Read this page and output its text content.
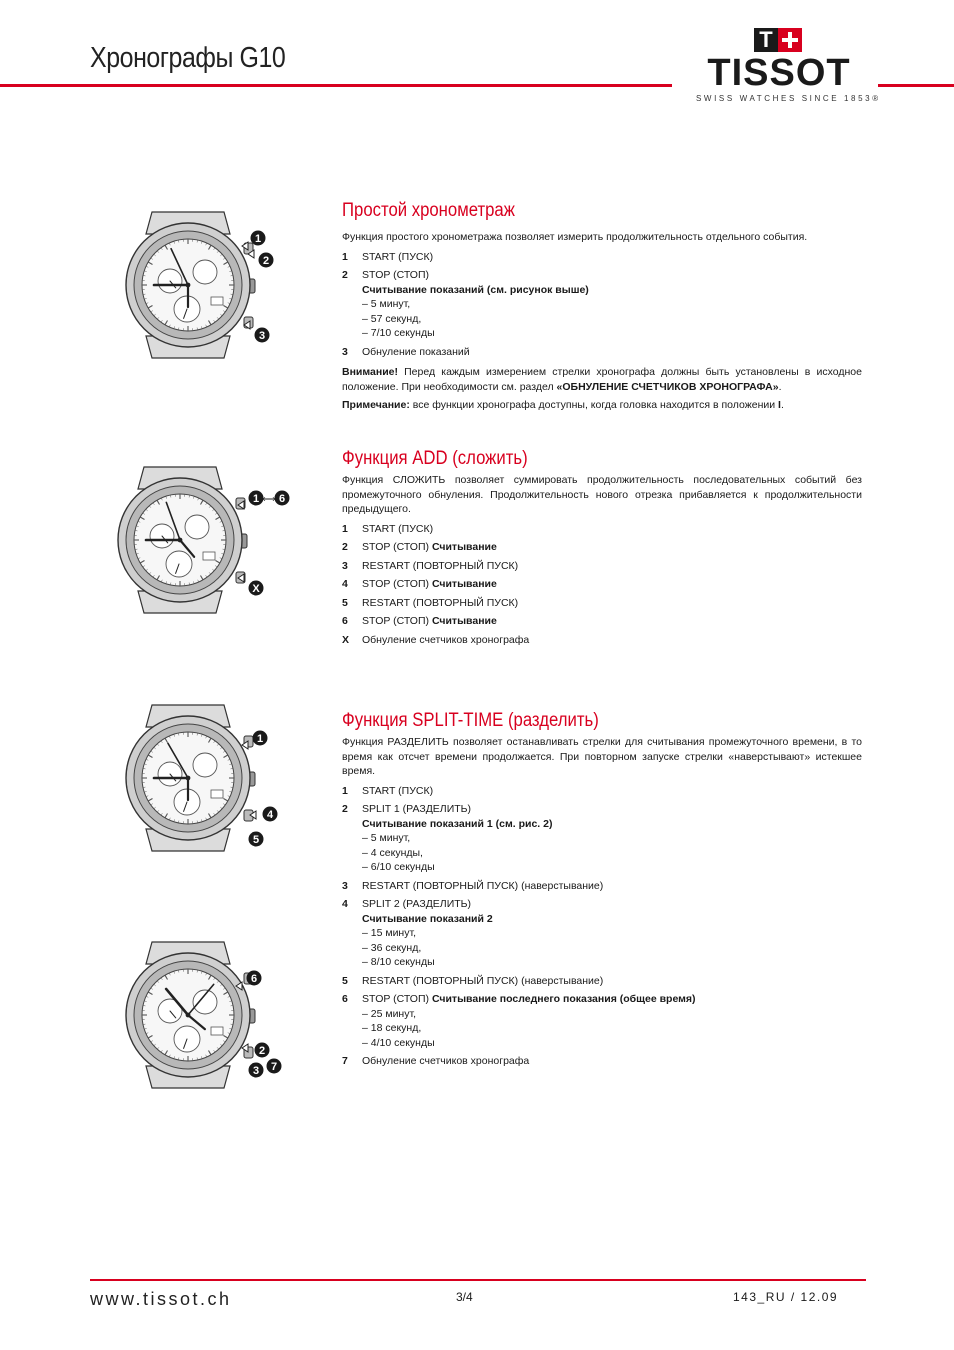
Хронографы G10
T
TISSOT
SWISS WATCHES SINCE 1853®
1
2
3
1 6
X
⟺
1
4
5
6
2
3 7
Простой хронометраж
Функция простого хронометража позволяет измерить продолжительность отдельного события.
1	START (ПУСК)
2	STOP (СТОП)
Считывание показаний (см. рисунок выше)
– 5 минут,
– 57 секунд,
– 7/10 секунды
3	Обнуление показаний
Внимание! Перед каждым измерением стрелки хронографа должны быть установлены в исходное положение. При необходимости см. раздел «ОБНУЛЕНИЕ СЧЕТЧИКОВ ХРОНОГРАФА».
Примечание: все функции хронографа доступны, когда головка находится в положении I.
Функция ADD (сложить)
Функция СЛОЖИТЬ позволяет суммировать продолжительность последовательных событий без промежуточного обнуления. Продолжительность нового отрезка прибавляется к продолжительности предыдущего.
1	START (ПУСК)
2	STOP (СТОП) Считывание
3	RESTART (ПОВТОРНЫЙ ПУСК)
4	STOP (СТОП) Считывание
5	RESTART (ПОВТОРНЫЙ ПУСК)
6	STOP (СТОП) Считывание
X	Обнуление счетчиков хронографа
Функция SPLIT-TIME (разделить)
Функция РАЗДЕЛИТЬ позволяет останавливать стрелки для считывания промежуточного времени, в то время как отсчет времени продолжается. При повторном запуске стрелки «наверстывают» истекшее время.
1	START (ПУСК)
2	SPLIT 1 (РАЗДЕЛИТЬ)
Считывание показаний 1 (см. рис. 2)
– 5 минут,
– 4 секунды,
– 6/10 секунды
3	RESTART (ПОВТОРНЫЙ ПУСК) (наверстывание)
4	SPLIT 2 (РАЗДЕЛИТЬ)
Считывание показаний 2
– 15 минут,
– 36 секунд,
– 8/10 секунды
5	RESTART (ПОВТОРНЫЙ ПУСК) (наверстывание)
6	STOP (СТОП) Считывание последнего показания (общее время)
– 25 минут,
– 18 секунд,
– 4/10 секунды
7	Обнуление счетчиков хронографа
www.tissot.ch	3/4	143_RU / 12.09
